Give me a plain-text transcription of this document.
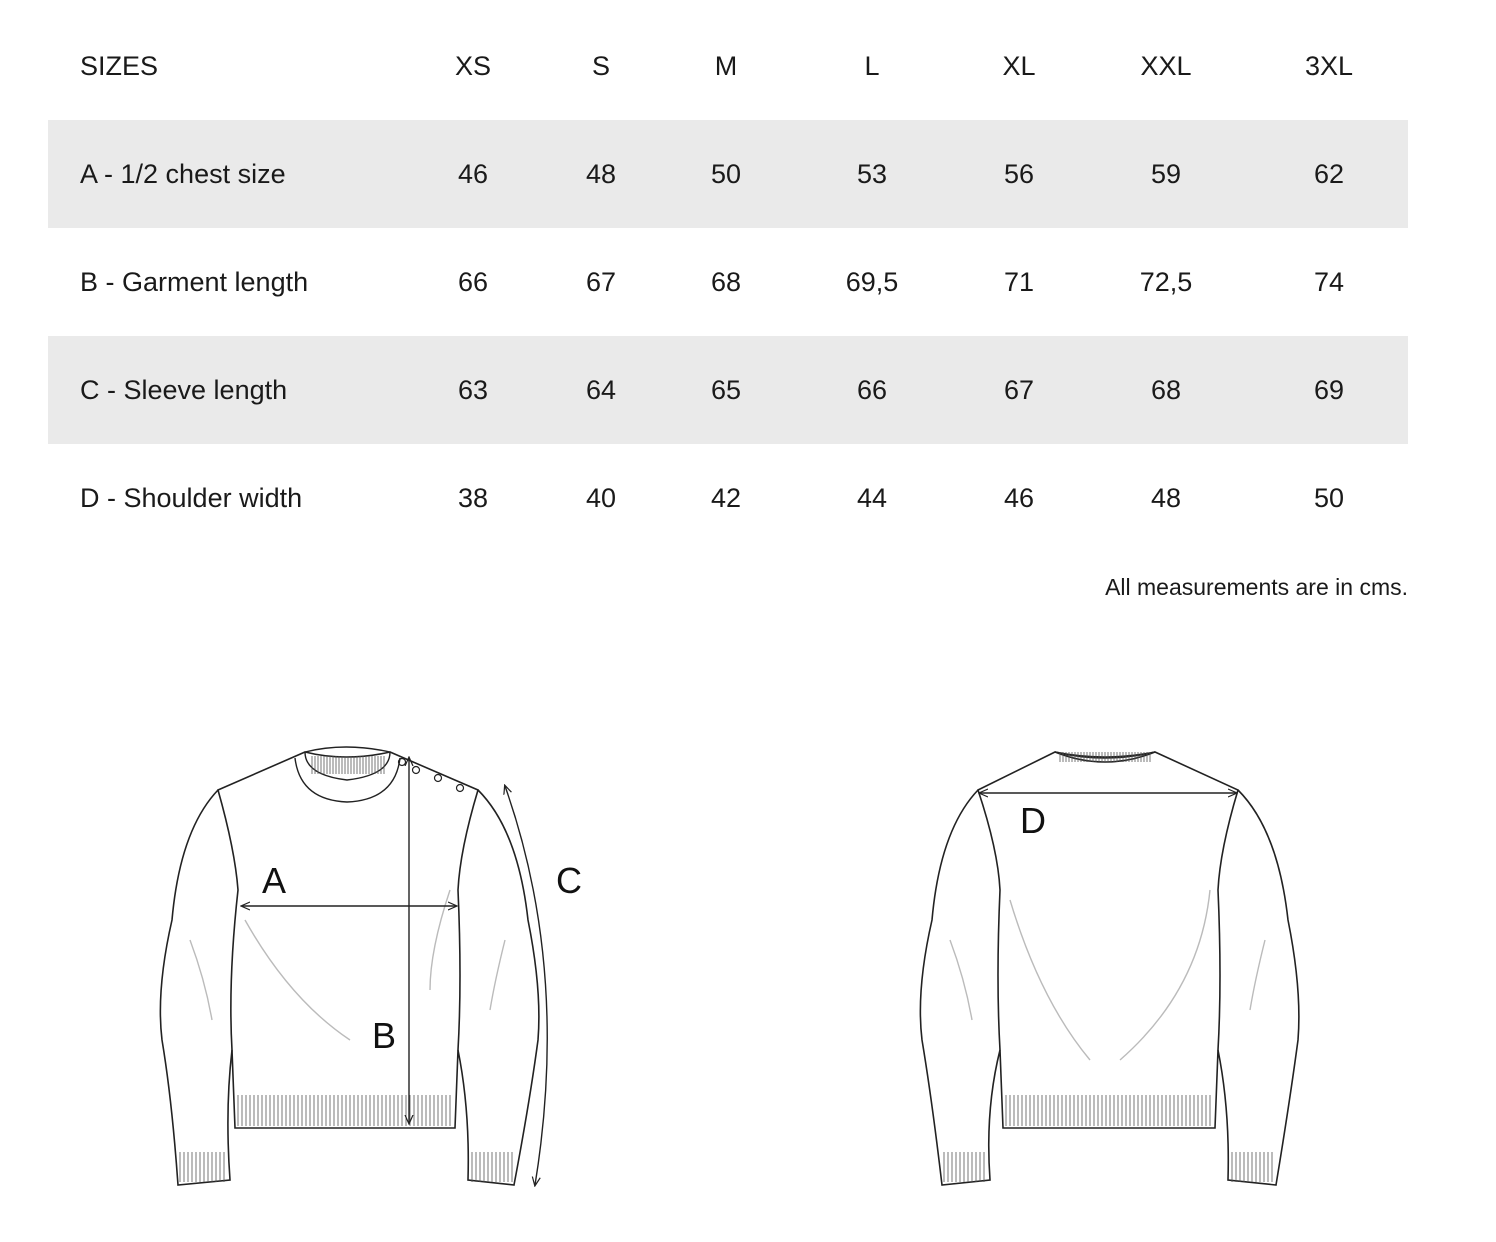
SIZES	XS	S	M	L	XL	XXL	3XL
A - 1/2 chest size	46	48	50	53	56	59	62
B - Garment length	66	67	68	69,5	71	72,5	74
C - Sleeve length	63	64	65	66	67	68	69
D - Shoulder width	38	40	42	44	46	48	50
All measurements are in cms.
A
B
C
D
